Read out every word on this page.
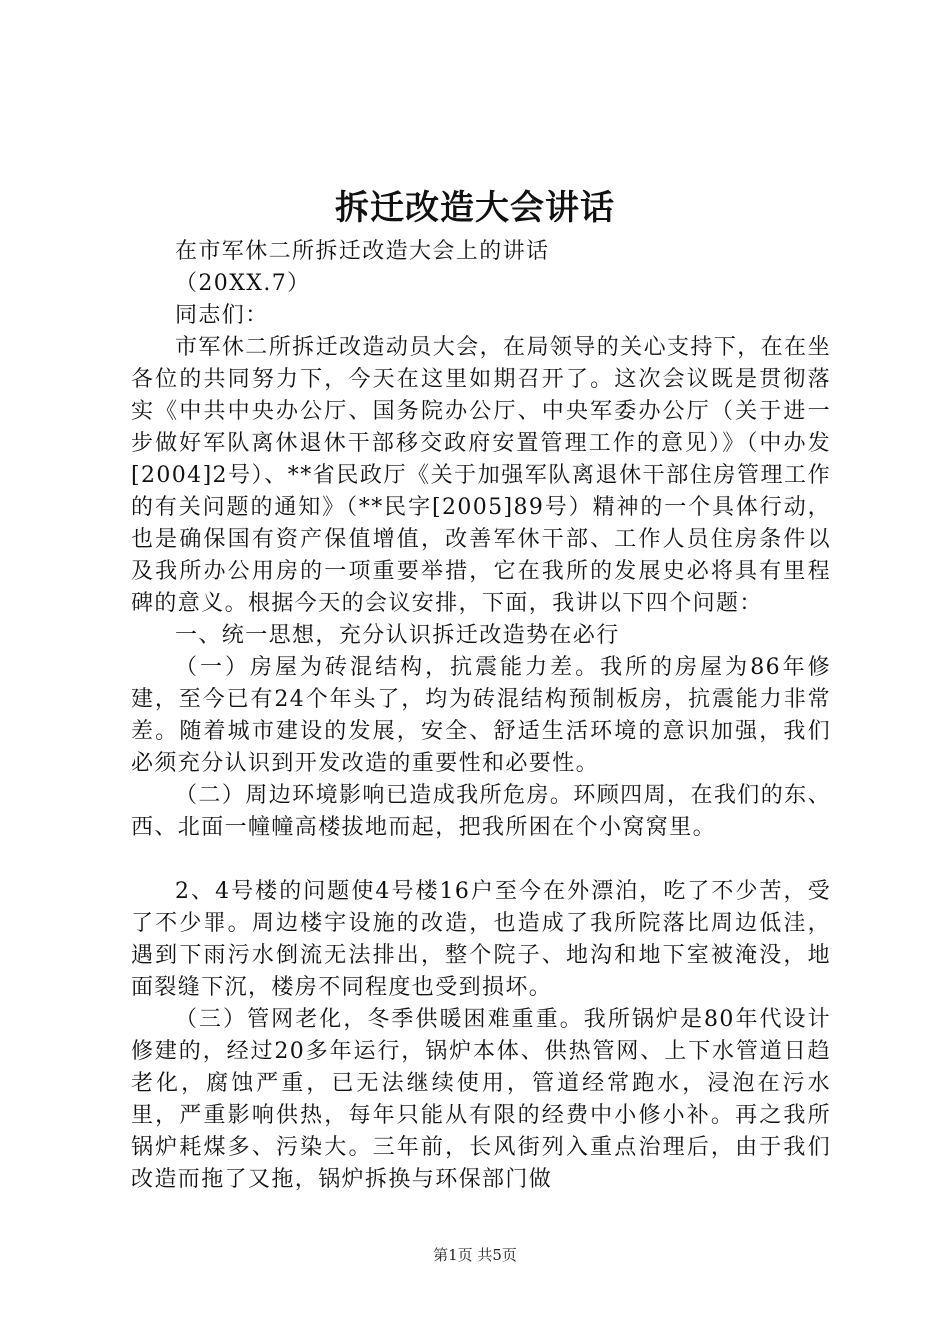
拆迁改造大会讲话

在市军休二所拆迁改造大会上的讲话

（20XX.7）

同志们：

市军休二所拆迁改造动员大会，在局领导的关心支持下，在在坐各位的共同努力下，今天在这里如期召开了。这次会议既是贯彻落实《中共中央办公厅、国务院办公厅、中央军委办公厅（关于进一步做好军队离休退休干部移交政府安置管理工作的意见）》（中办发[2004]2号）、**省民政厅《关于加强军队离退休干部住房管理工作的有关问题的通知》（**民字[2005]89号）精神的一个具体行动，也是确保国有资产保值增值，改善军休干部、工作人员住房条件以及我所办公用房的一项重要举措，它在我所的发展史必将具有里程碑的意义。根据今天的会议安排，下面，我讲以下四个问题：

一、统一思想，充分认识拆迁改造势在必行

（一）房屋为砖混结构，抗震能力差。我所的房屋为86年修建，至今已有24个年头了，均为砖混结构预制板房，抗震能力非常差。随着城市建设的发展，安全、舒适生活环境的意识加强，我们必须充分认识到开发改造的重要性和必要性。

（二）周边环境影响已造成我所危房。环顾四周，在我们的东、西、北面一幢幢高楼拔地而起，把我所困在个小窝窝里。

2、4号楼的问题使4号楼16户至今在外漂泊，吃了不少苦，受了不少罪。周边楼宇设施的改造，也造成了我所院落比周边低洼，遇到下雨污水倒流无法排出，整个院子、地沟和地下室被淹没，地面裂缝下沉，楼房不同程度也受到损坏。

（三）管网老化，冬季供暖困难重重。我所锅炉是80年代设计修建的，经过20多年运行，锅炉本体、供热管网、上下水管道日趋老化，腐蚀严重，已无法继续使用，管道经常跑水，浸泡在污水里，严重影响供热，每年只能从有限的经费中小修小补。再之我所锅炉耗煤多、污染大。三年前，长风街列入重点治理后，由于我们改造而拖了又拖，锅炉拆换与环保部门做

第1页 共5页
